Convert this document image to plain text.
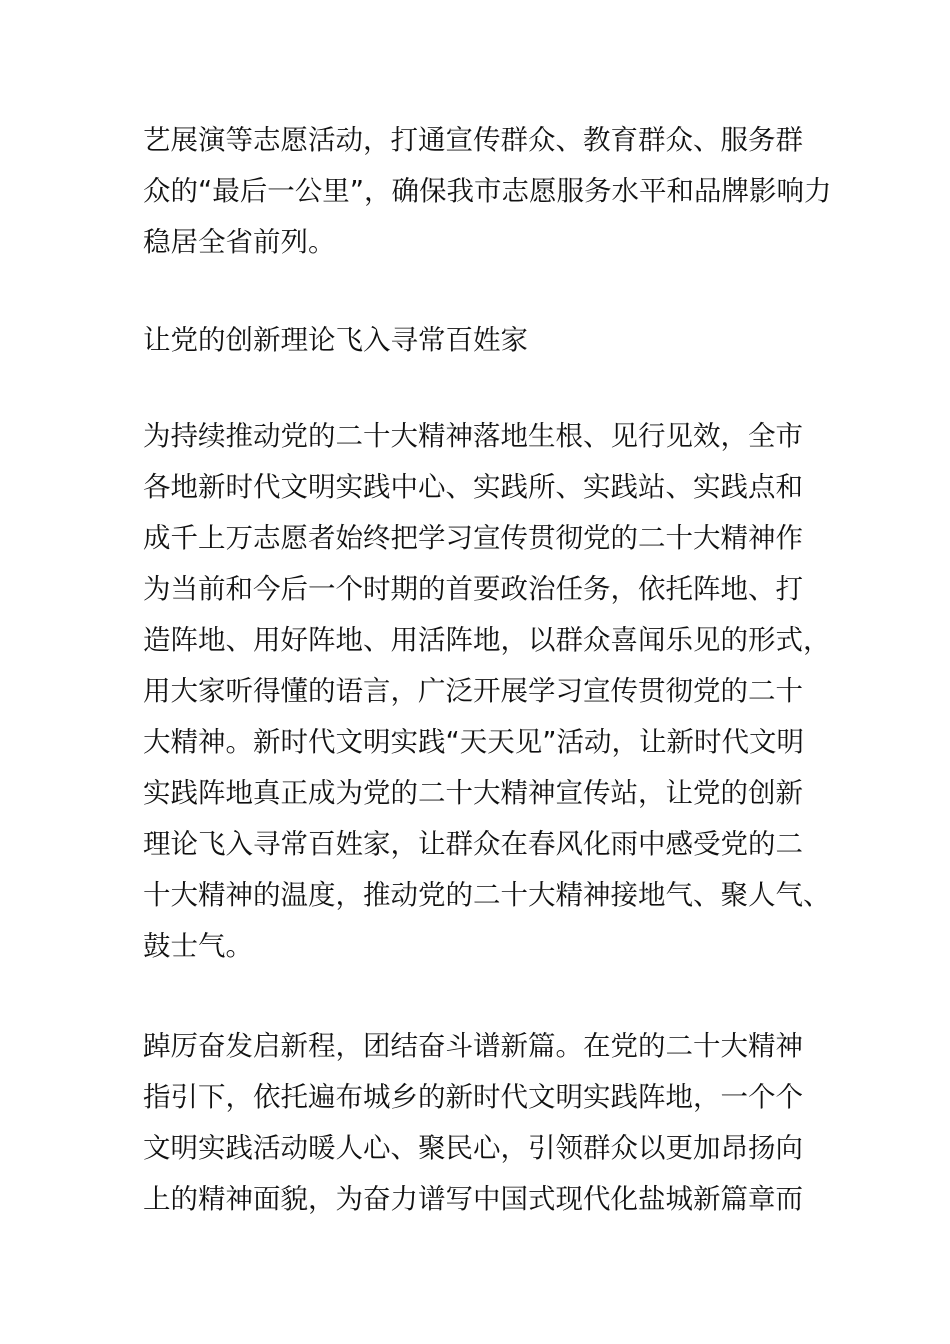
艺展演等志愿活动，打通宣传群众、教育群众、服务群
众的“最后一公里”，确保我市志愿服务水平和品牌影响力
稳居全省前列。
让党的创新理论飞入寻常百姓家
为持续推动党的二十大精神落地生根、见行见效，全市
各地新时代文明实践中心、实践所、实践站、实践点和
成千上万志愿者始终把学习宣传贯彻党的二十大精神作
为当前和今后一个时期的首要政治任务，依托阵地、打
造阵地、用好阵地、用活阵地，以群众喜闻乐见的形式，
用大家听得懂的语言，广泛开展学习宣传贯彻党的二十
大精神。新时代文明实践“天天见”活动，让新时代文明
实践阵地真正成为党的二十大精神宣传站，让党的创新
理论飞入寻常百姓家，让群众在春风化雨中感受党的二
十大精神的温度，推动党的二十大精神接地气、聚人气、
鼓士气。
踔厉奋发启新程，团结奋斗谱新篇。在党的二十大精神
指引下，依托遍布城乡的新时代文明实践阵地，一个个
文明实践活动暖人心、聚民心，引领群众以更加昂扬向
上的精神面貌，为奋力谱写中国式现代化盐城新篇章而
